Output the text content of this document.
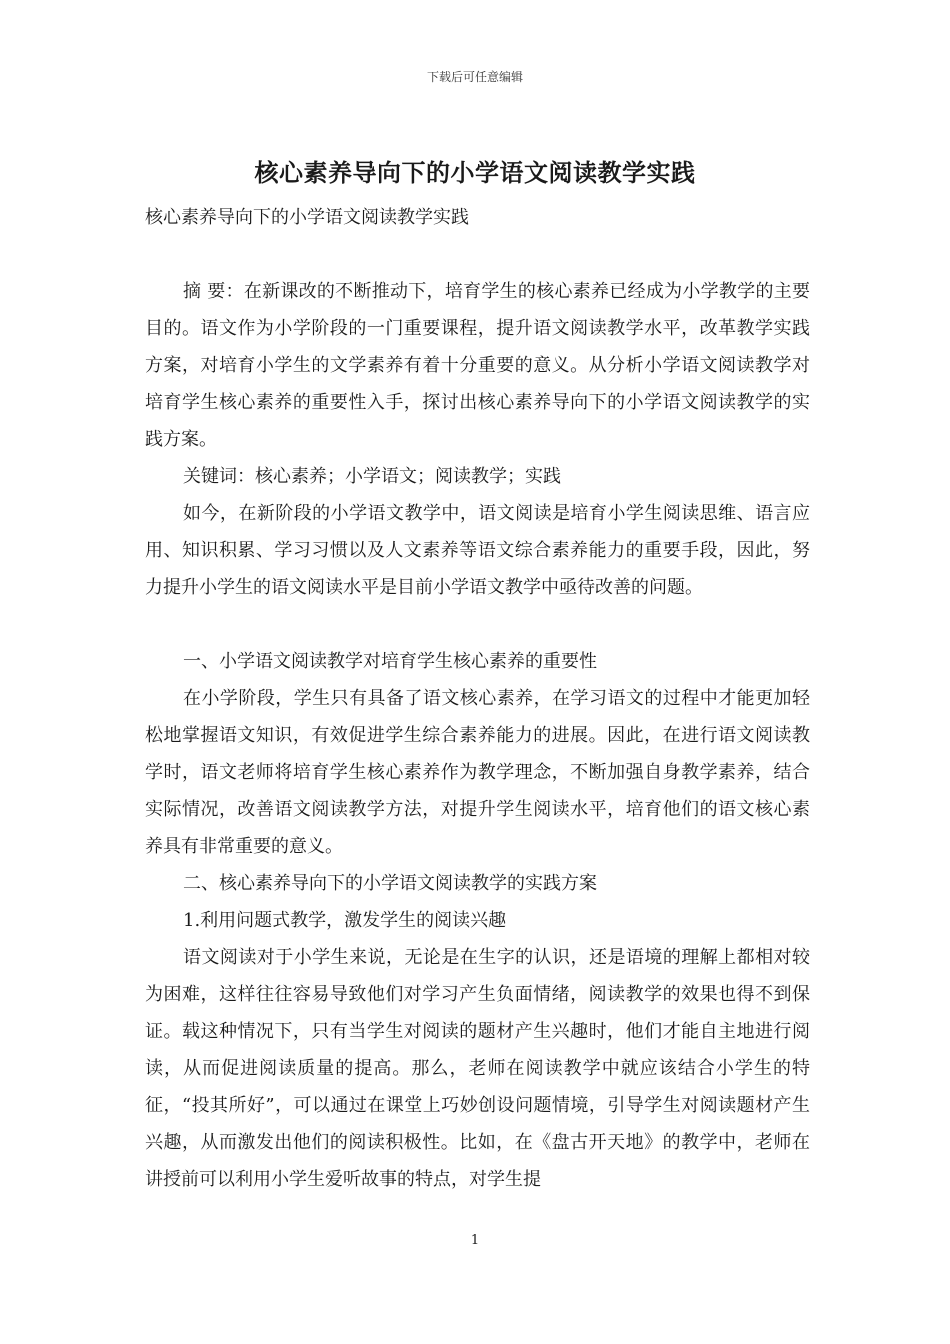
下载后可任意编辑
核心素养导向下的小学语文阅读教学实践

核心素养导向下的小学语文阅读教学实践

摘 要：在新课改的不断推动下，培育学生的核心素养已经成为小学教学的主要目的。语文作为小学阶段的一门重要课程，提升语文阅读教学水平，改革教学实践方案，对培育小学生的文学素养有着十分重要的意义。从分析小学语文阅读教学对培育学生核心素养的重要性入手，探讨出核心素养导向下的小学语文阅读教学的实践方案。

关键词：核心素养；小学语文；阅读教学；实践

如今，在新阶段的小学语文教学中，语文阅读是培育小学生阅读思维、语言应用、知识积累、学习习惯以及人文素养等语文综合素养能力的重要手段，因此，努力提升小学生的语文阅读水平是目前小学语文教学中亟待改善的问题。

一、小学语文阅读教学对培育学生核心素养的重要性

在小学阶段，学生只有具备了语文核心素养，在学习语文的过程中才能更加轻松地掌握语文知识，有效促进学生综合素养能力的进展。因此，在进行语文阅读教学时，语文老师将培育学生核心素养作为教学理念，不断加强自身教学素养，结合实际情况，改善语文阅读教学方法，对提升学生阅读水平，培育他们的语文核心素养具有非常重要的意义。

二、核心素养导向下的小学语文阅读教学的实践方案

1.利用问题式教学，激发学生的阅读兴趣

语文阅读对于小学生来说，无论是在生字的认识，还是语境的理解上都相对较为困难，这样往往容易导致他们对学习产生负面情绪，阅读教学的效果也得不到保证。载这种情况下，只有当学生对阅读的题材产生兴趣时，他们才能自主地进行阅读，从而促进阅读质量的提高。那么，老师在阅读教学中就应该结合小学生的特征，“投其所好”，可以通过在课堂上巧妙创设问题情境，引导学生对阅读题材产生兴趣，从而激发出他们的阅读积极性。比如，在《盘古开天地》的教学中，老师在讲授前可以利用小学生爱听故事的特点，对学生提

1
